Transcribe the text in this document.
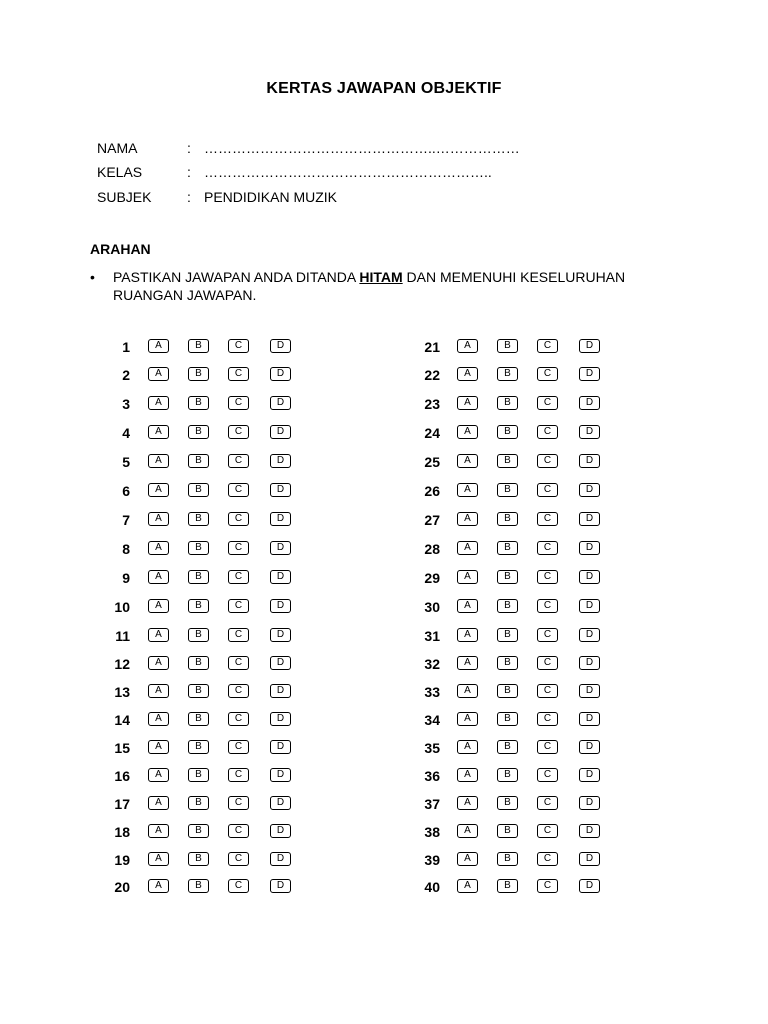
KERTAS JAWAPAN OBJEKTIF
NAMA	: …………………………………………..………………
KELAS	: ……………………………………………………..
SUBJEK	: PENDIDIKAN MUZIK
ARAHAN
• PASTIKAN JAWAPAN ANDA DITANDA HITAM DAN MEMENUHI KESELURUHAN RUANGAN JAWAPAN.
1	A	B	C	D
2	A	B	C	D
3	A	B	C	D
4	A	B	C	D
5	A	B	C	D
6	A	B	C	D
7	A	B	C	D
8	A	B	C	D
9	A	B	C	D
10	A	B	C	D
11	A	B	C	D
12	A	B	C	D
13	A	B	C	D
14	A	B	C	D
15	A	B	C	D
16	A	B	C	D
17	A	B	C	D
18	A	B	C	D
19	A	B	C	D
20	A	B	C	D
21	A	B	C	D
22	A	B	C	D
23	A	B	C	D
24	A	B	C	D
25	A	B	C	D
26	A	B	C	D
27	A	B	C	D
28	A	B	C	D
29	A	B	C	D
30	A	B	C	D
31	A	B	C	D
32	A	B	C	D
33	A	B	C	D
34	A	B	C	D
35	A	B	C	D
36	A	B	C	D
37	A	B	C	D
38	A	B	C	D
39	A	B	C	D
40	A	B	C	D
